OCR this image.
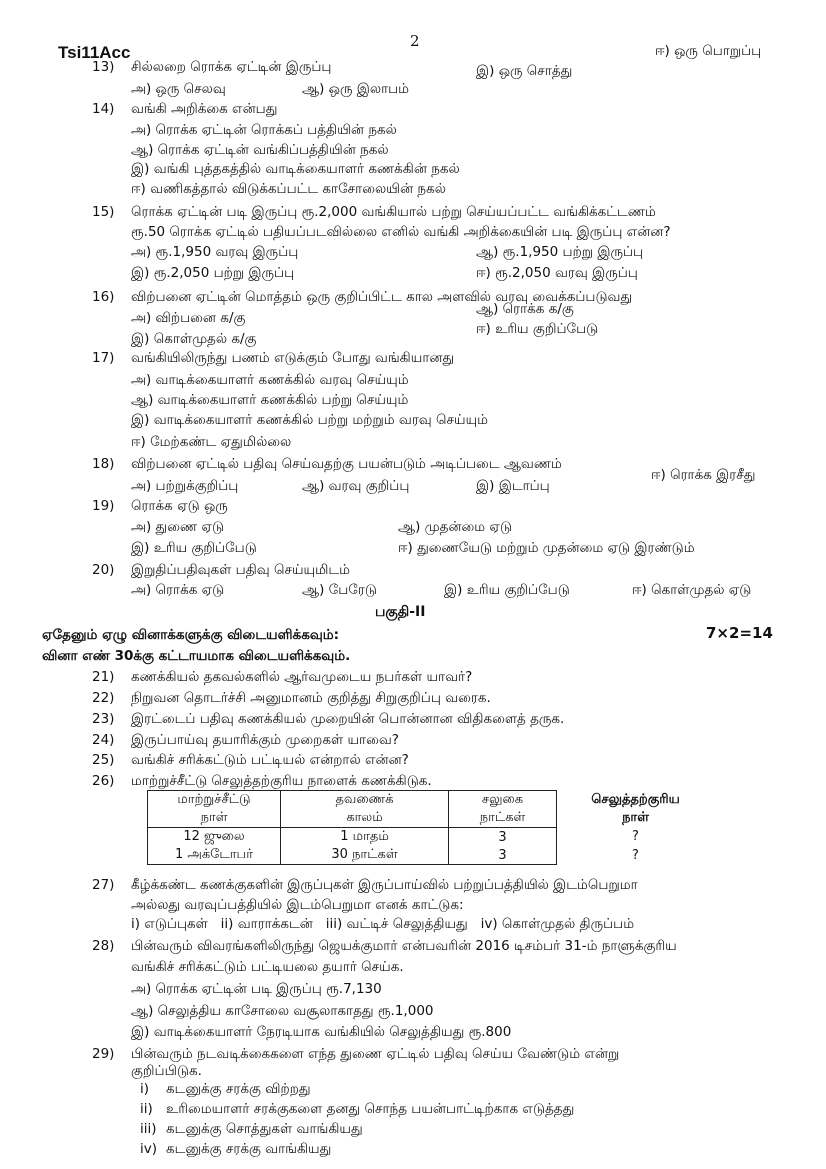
Tsi11Acc
2
13) சில்லறை ரொக்க ஏட்டின் இருப்பு
ஈ) ஒரு பொறுப்பு
அ) ஒரு செலவு	ஆ) ஒரு இலாபம்
இ) ஒரு சொத்து
14) வங்கி அறிக்கை என்பது
அ) ரொக்க ஏட்டின் ரொக்கப் பத்தியின் நகல்
ஆ) ரொக்க ஏட்டின் வங்கிப்பத்தியின் நகல்
இ) வங்கி புத்தகத்தில் வாடிக்கையாளர் கணக்கின் நகல்
ஈ) வணிகத்தால் விடுக்கப்பட்ட காசோலையின் நகல்
15) ரொக்க ஏட்டின் படி இருப்பு ரூ.2,000 வங்கியால் பற்று செய்யப்பட்ட வங்கிக்கட்டணம்
ரூ.50 ரொக்க ஏட்டில் பதியப்படவில்லை எனில் வங்கி அறிக்கையின் படி இருப்பு என்ன?
அ) ரூ.1,950 வரவு இருப்பு	ஆ) ரூ.1,950 பற்று இருப்பு
இ) ரூ.2,050 பற்று இருப்பு	ஈ) ரூ.2,050 வரவு இருப்பு
16) விற்பனை ஏட்டின் மொத்தம் ஒரு குறிப்பிட்ட கால அளவில் வரவு வைக்கப்படுவது
அ) விற்பனை க/கு
ஆ) ரொக்க க/கு
இ) கொள்முதல் க/கு
ஈ) உரிய குறிப்பேடு
17) வங்கியிலிருந்து பணம் எடுக்கும் போது வங்கியானது
அ) வாடிக்கையாளர் கணக்கில் வரவு செய்யும்
ஆ) வாடிக்கையாளர் கணக்கில் பற்று செய்யும்
இ) வாடிக்கையாளர் கணக்கில் பற்று மற்றும் வரவு செய்யும்
ஈ) மேற்கண்ட ஏதுமில்லை
18) விற்பனை ஏட்டில் பதிவு செய்வதற்கு பயன்படும் அடிப்படை ஆவணம்
அ) பற்றுக்குறிப்பு	ஆ) வரவு குறிப்பு	இ) இடாப்பு
ஈ) ரொக்க இரசீது
19) ரொக்க ஏடு ஒரு
அ) துணை ஏடு	ஆ) முதன்மை ஏடு
இ) உரிய குறிப்பேடு	ஈ) துணையேடு மற்றும் முதன்மை ஏடு இரண்டும்
20) இறுதிப்பதிவுகள் பதிவு செய்யுமிடம்
அ) ரொக்க ஏடு	ஆ) பேரேடு	இ) உரிய குறிப்பேடு	ஈ) கொள்முதல் ஏடு
பகுதி-II
ஏதேனும் ஏழு வினாக்களுக்கு விடையளிக்கவும்:	7×2=14
வினா எண் 30க்கு கட்டாயமாக விடையளிக்கவும்.
21) கணக்கியல் தகவல்களில் ஆர்வமுடைய நபர்கள் யாவர்?
22) நிறுவன தொடர்ச்சி அனுமானம் குறித்து சிறுகுறிப்பு வரைக.
23) இரட்டைப் பதிவு கணக்கியல் முறையின் பொன்னான விதிகளைத் தருக.
24) இருப்பாய்வு தயாரிக்கும் முறைகள் யாவை?
25) வங்கிச் சரிக்கட்டும் பட்டியல் என்றால் என்ன?
26) மாற்றுச்சீட்டு செலுத்தற்குரிய நாளைக் கணக்கிடுக.
மாற்றுச்சீட்டு	தவணைக்	சலுகை	செலுத்தற்குரிய
நாள்	காலம்	நாட்கள்	நாள்
12 ஜுலை	1 மாதம்	3	?
1 அக்டோபர்	30 நாட்கள்	3	?
27) கீழ்க்கண்ட கணக்குகளின் இருப்புகள் இருப்பாய்வில் பற்றுப்பத்தியில் இடம்பெறுமா
அல்லது வரவுப்பத்தியில் இடம்பெறுமா எனக் காட்டுக:
i) எடுப்புகள்   ii) வாராக்கடன்   iii) வட்டிச் செலுத்தியது   iv) கொள்முதல் திருப்பம்
28) பின்வரும் விவரங்களிலிருந்து ஜெயக்குமார் என்பவரின் 2016 டிசம்பர் 31-ம் நாளுக்குரிய
வங்கிச் சரிக்கட்டும் பட்டியலை தயார் செய்க.
அ) ரொக்க ஏட்டின் படி இருப்பு ரூ.7,130
ஆ) செலுத்திய காசோலை வசூலாகாதது ரூ.1,000
இ) வாடிக்கையாளர் நேரடியாக வங்கியில் செலுத்தியது ரூ.800
29) பின்வரும் நடவடிக்கைகளை எந்த துணை ஏட்டில் பதிவு செய்ய வேண்டும் என்று
குறிப்பிடுக.
i) கடனுக்கு சரக்கு விற்றது
ii) உரிமையாளர் சரக்குகளை தனது சொந்த பயன்பாட்டிற்காக எடுத்தது
iii) கடனுக்கு சொத்துகள் வாங்கியது
iv) கடனுக்கு சரக்கு வாங்கியது
